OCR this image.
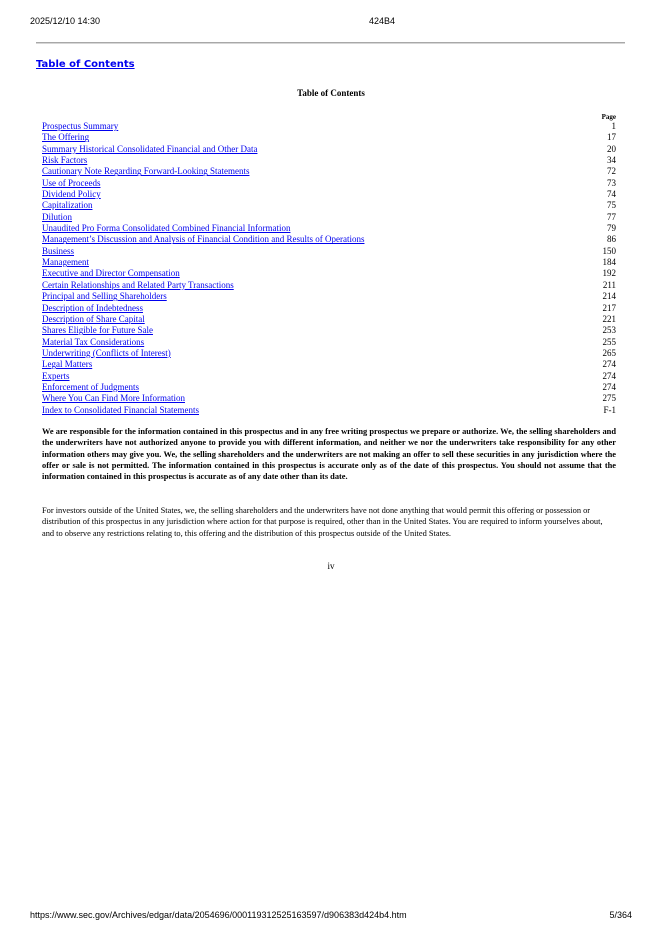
2025/12/10 14:30	424B4
Table of Contents
Table of Contents
Page
Prospectus Summary	1
The Offering	17
Summary Historical Consolidated Financial and Other Data	20
Risk Factors	34
Cautionary Note Regarding Forward-Looking Statements	72
Use of Proceeds	73
Dividend Policy	74
Capitalization	75
Dilution	77
Unaudited Pro Forma Consolidated Combined Financial Information	79
Management’s Discussion and Analysis of Financial Condition and Results of Operations	86
Business	150
Management	184
Executive and Director Compensation	192
Certain Relationships and Related Party Transactions	211
Principal and Selling Shareholders	214
Description of Indebtedness	217
Description of Share Capital	221
Shares Eligible for Future Sale	253
Material Tax Considerations	255
Underwriting (Conflicts of Interest)	265
Legal Matters	274
Experts	274
Enforcement of Judgments	274
Where You Can Find More Information	275
Index to Consolidated Financial Statements	F-1

We are responsible for the information contained in this prospectus and in any free writing prospectus we prepare or authorize. We, the selling shareholders and the underwriters have not authorized anyone to provide you with different information, and neither we nor the underwriters take responsibility for any other information others may give you. We, the selling shareholders and the underwriters are not making an offer to sell these securities in any jurisdiction where the offer or sale is not permitted. The information contained in this prospectus is accurate only as of the date of this prospectus. You should not assume that the information contained in this prospectus is accurate as of any date other than its date.

For investors outside of the United States, we, the selling shareholders and the underwriters have not done anything that would permit this offering or possession or distribution of this prospectus in any jurisdiction where action for that purpose is required, other than in the United States. You are required to inform yourselves about, and to observe any restrictions relating to, this offering and the distribution of this prospectus outside of the United States.

iv
https://www.sec.gov/Archives/edgar/data/2054696/000119312525163597/d906383d424b4.htm	5/364
